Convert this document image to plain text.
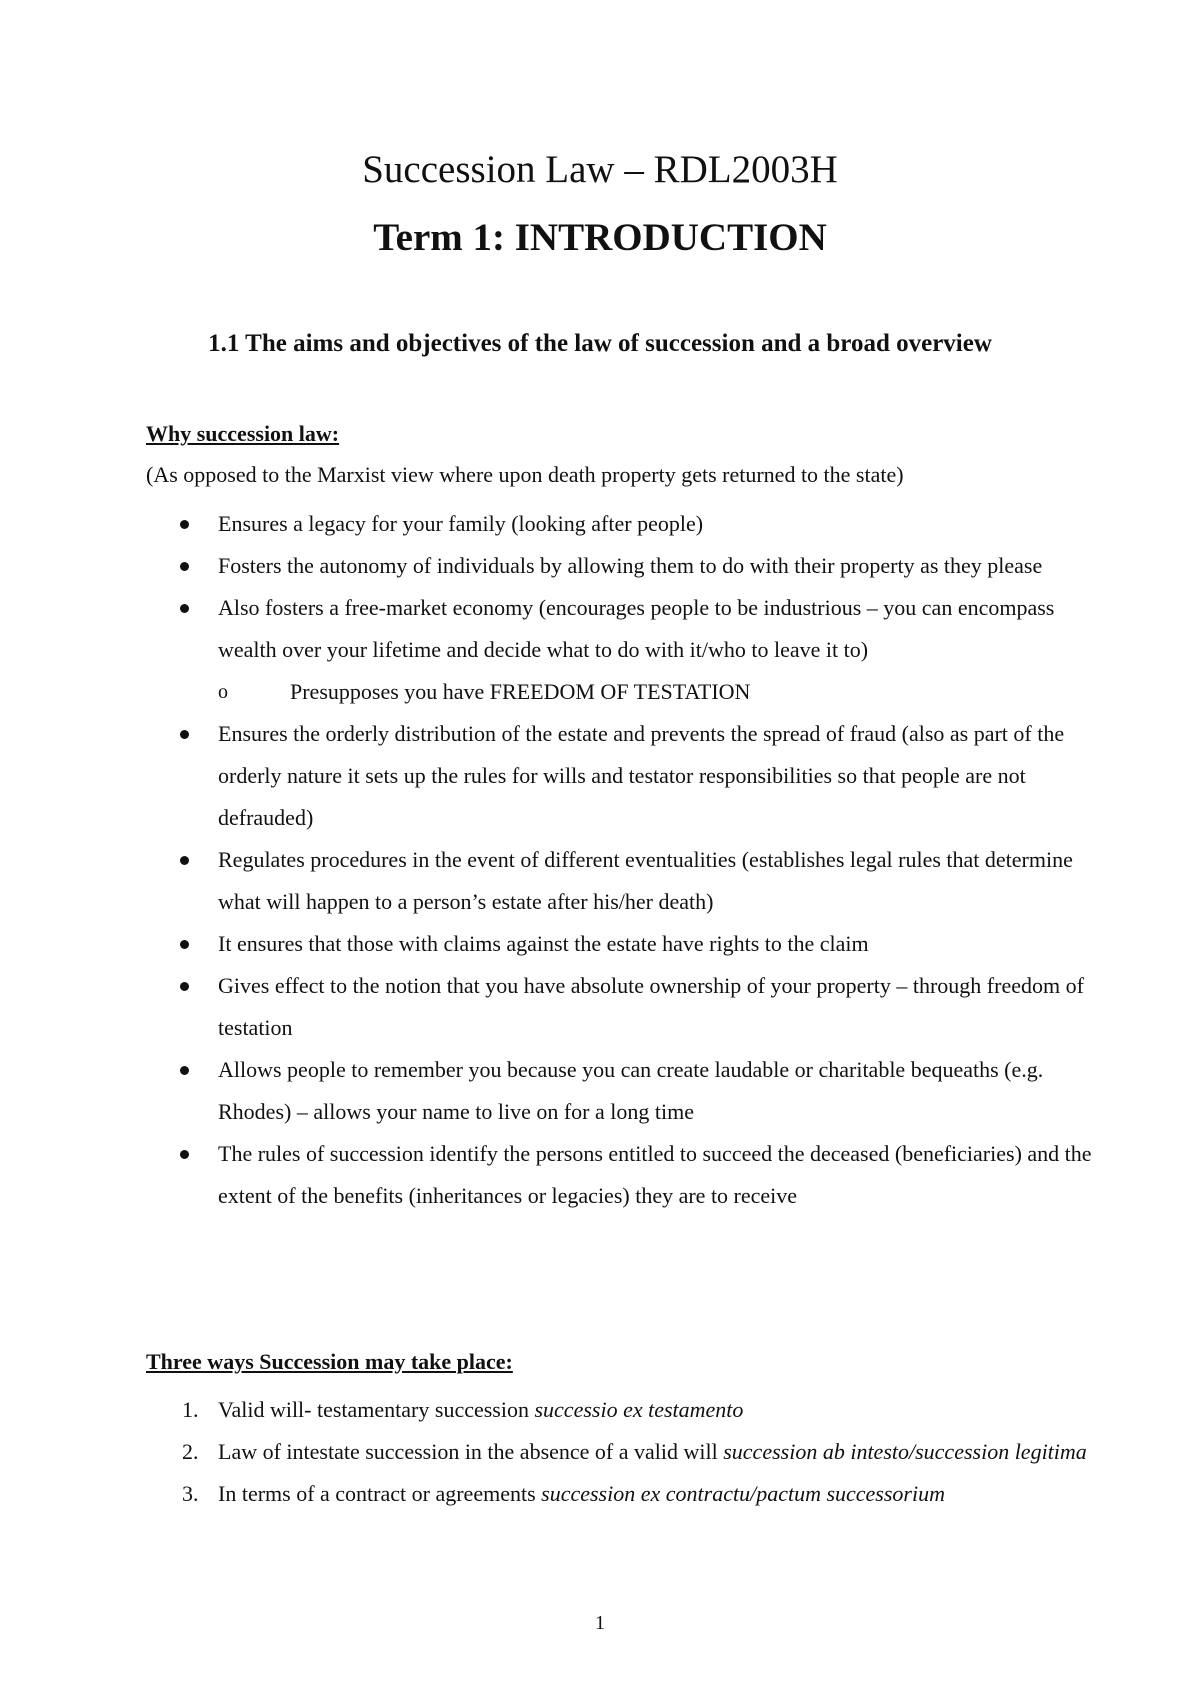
Succession Law – RDL2003H
Term 1: INTRODUCTION
1.1 The aims and objectives of the law of succession and a broad overview
Why succession law:
(As opposed to the Marxist view where upon death property gets returned to the state)
Ensures a legacy for your family (looking after people)
Fosters the autonomy of individuals by allowing them to do with their property as they please
Also fosters a free-market economy (encourages people to be industrious – you can encompass wealth over your lifetime and decide what to do with it/who to leave it to)
o	Presupposes you have FREEDOM OF TESTATION
Ensures the orderly distribution of the estate and prevents the spread of fraud (also as part of the orderly nature it sets up the rules for wills and testator responsibilities so that people are not defrauded)
Regulates procedures in the event of different eventualities (establishes legal rules that determine what will happen to a person’s estate after his/her death)
It ensures that those with claims against the estate have rights to the claim
Gives effect to the notion that you have absolute ownership of your property – through freedom of testation
Allows people to remember you because you can create laudable or charitable bequeaths (e.g. Rhodes) – allows your name to live on for a long time
The rules of succession identify the persons entitled to succeed the deceased (beneficiaries) and the extent of the benefits (inheritances or legacies) they are to receive
Three ways Succession may take place:
1. Valid will- testamentary succession successio ex testamento
2. Law of intestate succession in the absence of a valid will succession ab intesto/succession legitima
3. In terms of a contract or agreements succession ex contractu/pactum successorium
1
